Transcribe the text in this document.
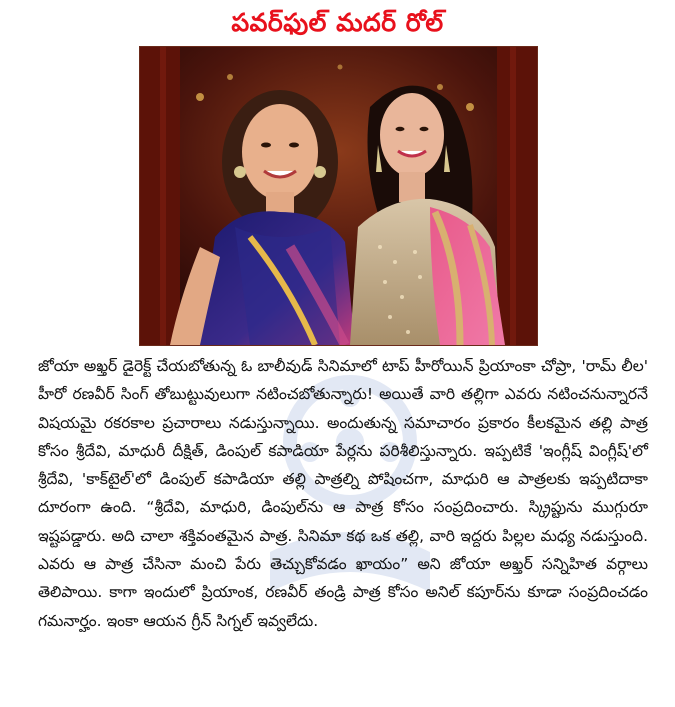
పవర్‌ఫుల్ మదర్ రోల్

జోయా అఖ్తర్ డైరెక్ట్ చేయబోతున్న ఓ బాలీవుడ్ సినిమాలో టాప్ హీరోయిన్ ప్రియాంకా చోప్రా, 'రామ్ లీల' హీరో రణవీర్ సింగ్ తోబుట్టువులుగా నటించబోతున్నారు! అయితే వారి తల్లిగా ఎవరు నటించనున్నారనే విషయమై రకరకాల ప్రచారాలు నడుస్తున్నాయి. అందుతున్న సమాచారం ప్రకారం కీలకమైన తల్లి పాత్ర కోసం శ్రీదేవి, మాధురీ దీక్షిత్, డింపుల్ కపాడియా పేర్లను పరిశీలిస్తున్నారు. ఇప్పటికే 'ఇంగ్లీష్ వింగ్లీష్'లో శ్రీదేవి, 'కాక్‌టైల్'లో డింపుల్ కపాడియా తల్లి పాత్రల్ని పోషించగా, మాధురి ఆ పాత్రలకు ఇప్పటిదాకా దూరంగా ఉంది. “శ్రీదేవి, మాధురి, డింపుల్‌ను ఆ పాత్ర కోసం సంప్రదించారు. స్క్రిప్టును ముగ్గురూ ఇష్టపడ్డారు. అది చాలా శక్తివంతమైన పాత్ర. సినిమా కథ ఒక తల్లి, వారి ఇద్దరు పిల్లల మధ్య నడుస్తుంది. ఎవరు ఆ పాత్ర చేసినా మంచి పేరు తెచ్చుకోవడం ఖాయం” అని జోయా అఖ్తర్ సన్నిహిత వర్గాలు తెలిపాయి. కాగా ఇందులో ప్రియాంక, రణవీర్ తండ్రి పాత్ర కోసం అనిల్ కపూర్‌ను కూడా సంప్రదించడం గమనార్హం. ఇంకా ఆయన గ్రీన్ సిగ్నల్ ఇవ్వలేదు.
